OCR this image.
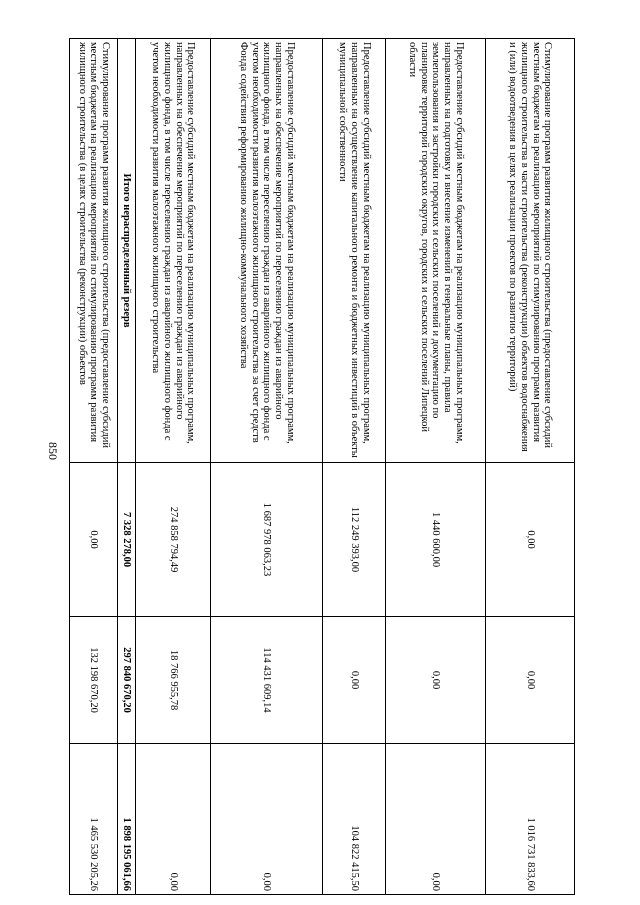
850
Стимулирование программ развития жилищного строительства (предоставление субсидий местным бюджетам на реализацию мероприятий по стимулированию программ развития жилищного строительства в части строительства (реконструкции) объектов водоснабжения и (или) водоотведения в целях реализации проектов по развитию территорий)	0,00	0,00	1 016 731 833,60
Предоставление субсидий местным бюджетам на реализацию муниципальных программ, направленных на подготовку и внесение изменений в генеральные планы, правила землепользования и застройки городских и сельских поселений и документацию по планировке территорий городских округов, городских и сельских поселений Липецкой области	1 440 600,00	0,00	0,00
Предоставление субсидий местным бюджетам на реализацию муниципальных программ, направленных на осуществление капитального ремонта и бюджетных инвестиций в объекты муниципальной собственности	112 249 393,00	0,00	104 822 415,50
Предоставление субсидий местным бюджетам на реализацию муниципальных программ, направленных на обеспечение мероприятий по переселению граждан из аварийного жилищного фонда, в том числе переселению граждан из аварийного жилищного фонда с учетом необходимости развития малоэтажного жилищного строительства за счет средств Фонда содействия реформированию жилищно-коммунального хозяйства	1 687 978 063,23	114 431 609,14	0,00
Предоставление субсидий местным бюджетам на реализацию муниципальных программ, направленных на обеспечение мероприятий по переселению граждан из аварийного жилищного фонда, в том числе переселению граждан из аварийного жилищного фонда с учетом необходимости развития малоэтажного жилищного строительства	274 858 794,49	18 766 955,78	0,00
Итого нераспределенный резерв	7 328 278,00	297 840 670,20	1 898 195 061,66
Стимулирование программ развития жилищного строительства (предоставление субсидий местным бюджетам на реализацию мероприятий по стимулированию программ развития жилищного строительства (в целях строительства (реконструкции) объектов	0,00	132 198 670,20	1 465 530 205,26
